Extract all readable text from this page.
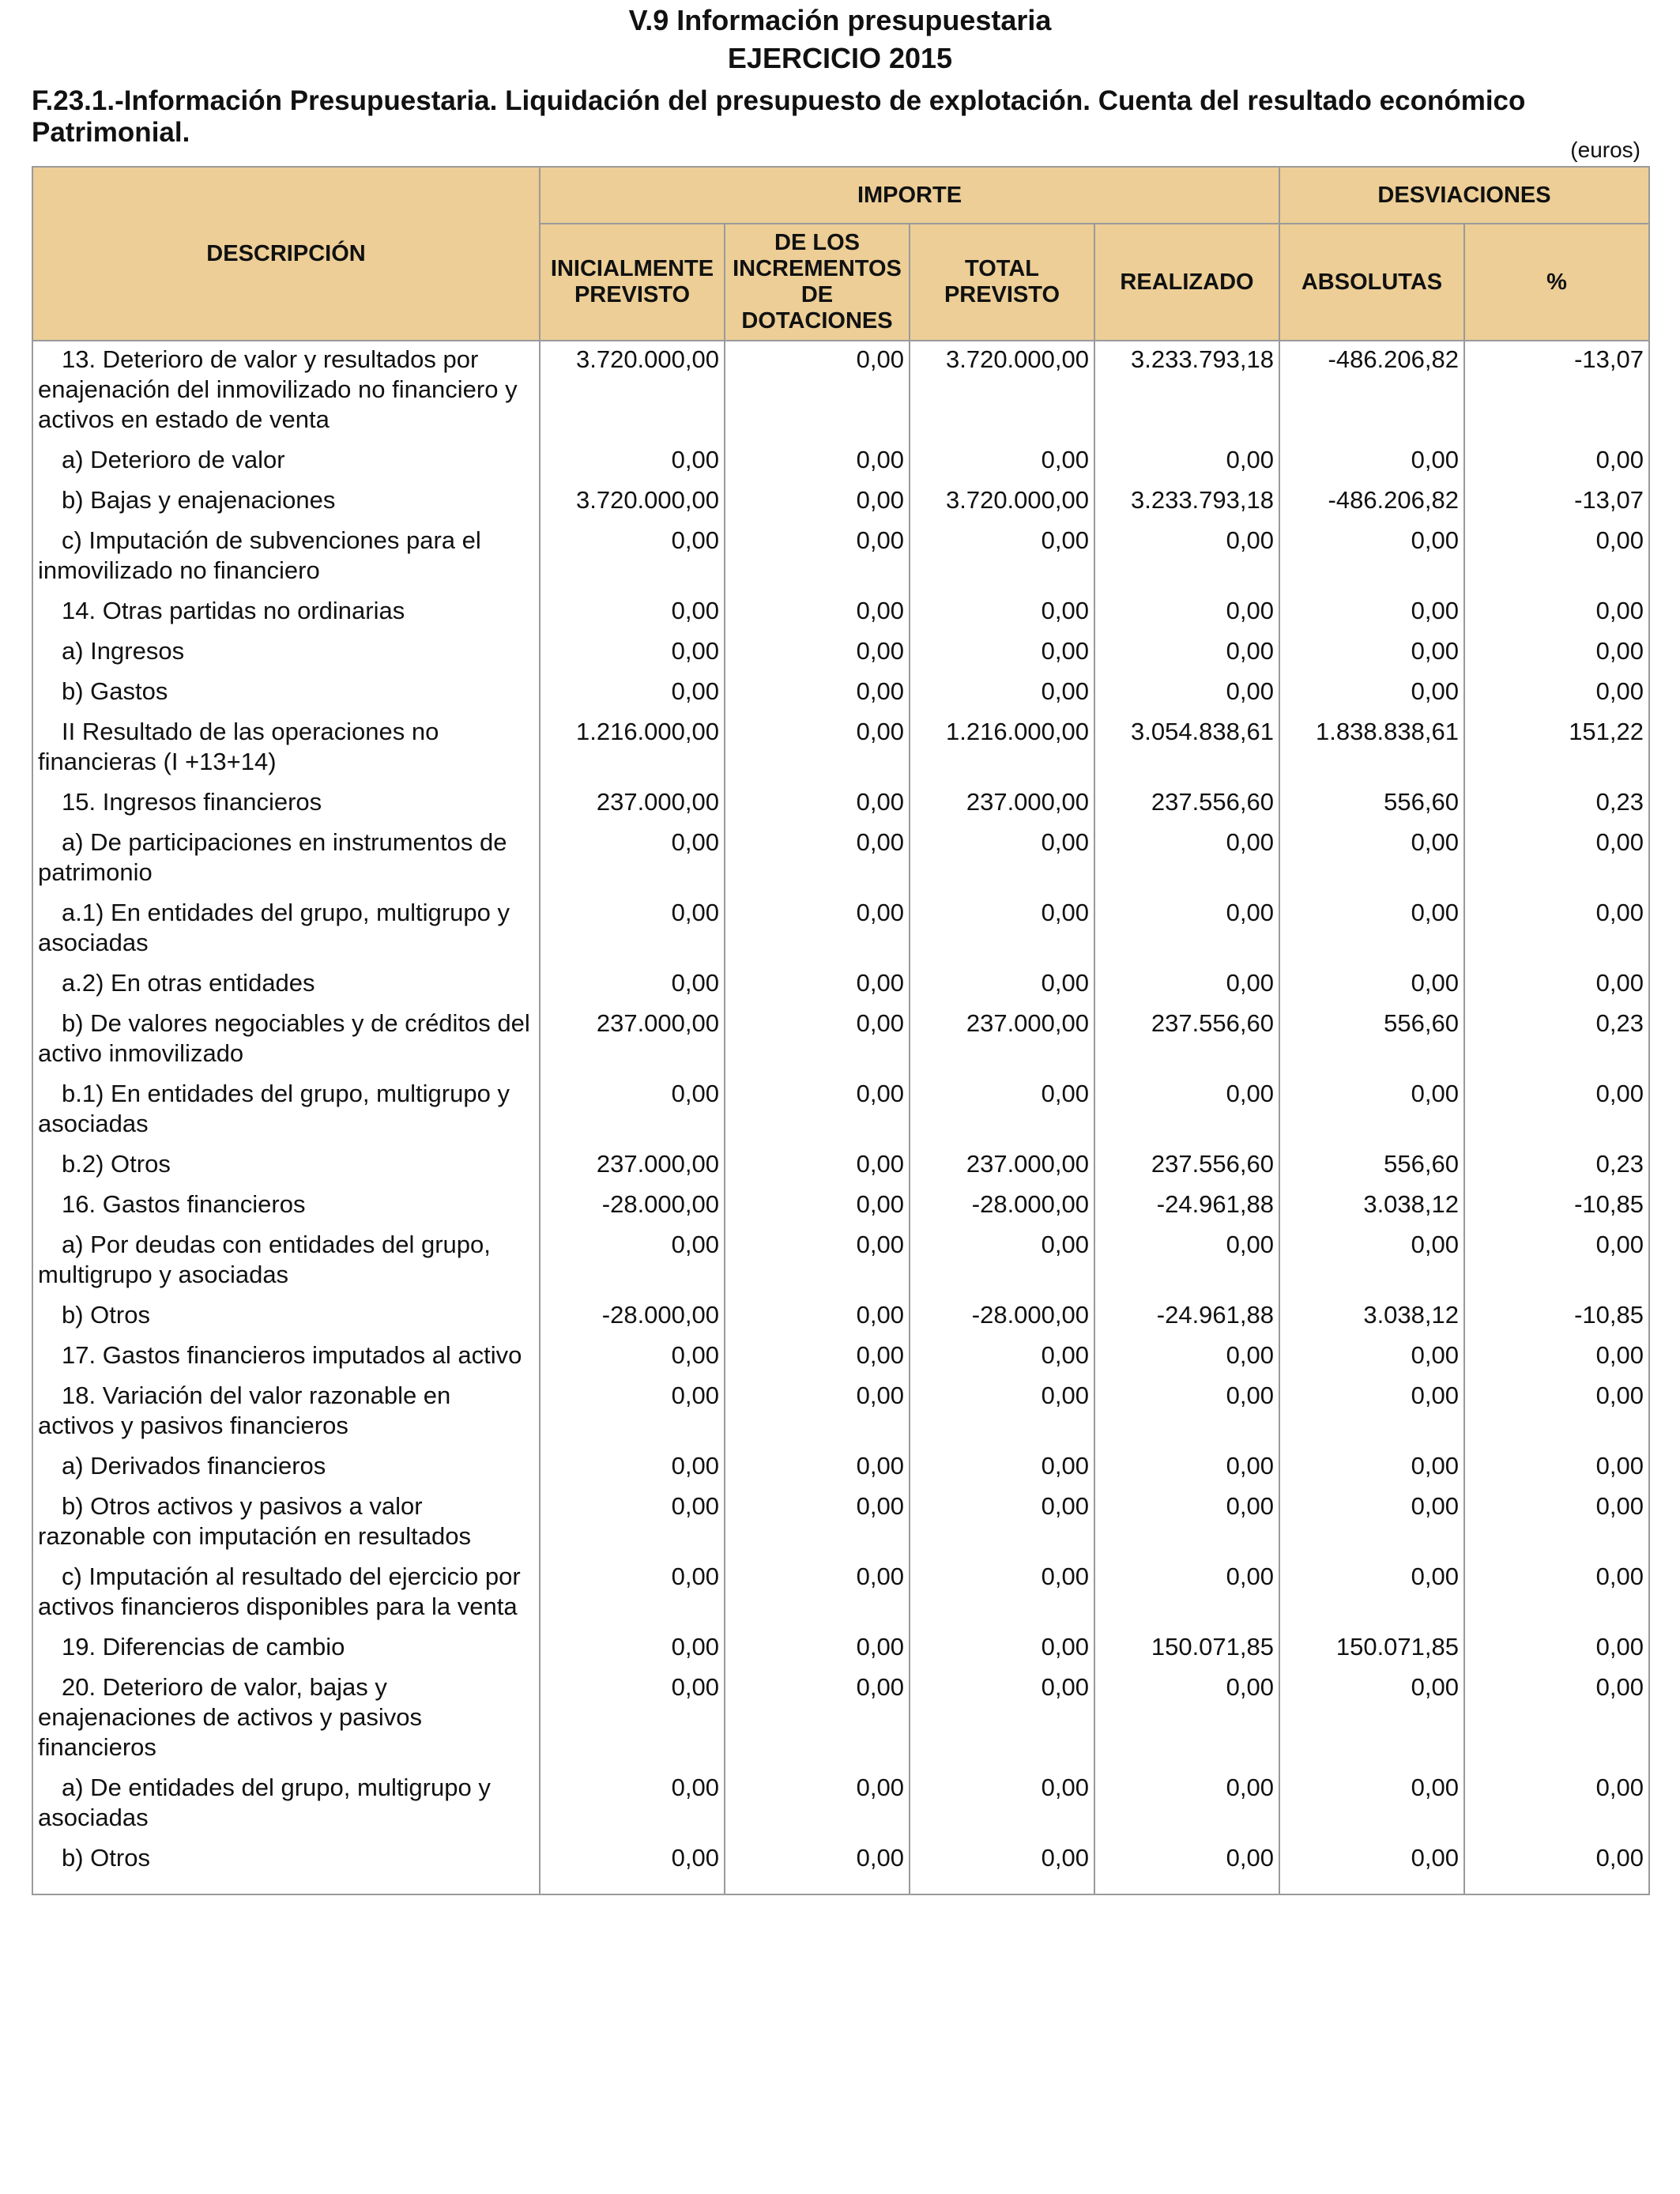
V.9 Información presupuestaria
EJERCICIO 2015
F.23.1.-Información Presupuestaria. Liquidación del presupuesto de explotación. Cuenta del resultado económico Patrimonial.
(euros)
DESCRIPCIÓN	IMPORTE				DESVIACIONES	
	INICIALMENTE PREVISTO	DE LOS INCREMENTOS DE DOTACIONES	TOTAL PREVISTO	REALIZADO	ABSOLUTAS	%
13. Deterioro de valor y resultados por enajenación del inmovilizado no financiero y activos en estado de venta	3.720.000,00	0,00	3.720.000,00	3.233.793,18	-486.206,82	-13,07
a) Deterioro de valor	0,00	0,00	0,00	0,00	0,00	0,00
b) Bajas y enajenaciones	3.720.000,00	0,00	3.720.000,00	3.233.793,18	-486.206,82	-13,07
c) Imputación de subvenciones para el inmovilizado no financiero	0,00	0,00	0,00	0,00	0,00	0,00
14. Otras partidas no ordinarias	0,00	0,00	0,00	0,00	0,00	0,00
a) Ingresos	0,00	0,00	0,00	0,00	0,00	0,00
b) Gastos	0,00	0,00	0,00	0,00	0,00	0,00
II Resultado de las operaciones no financieras (I +13+14)	1.216.000,00	0,00	1.216.000,00	3.054.838,61	1.838.838,61	151,22
15. Ingresos financieros	237.000,00	0,00	237.000,00	237.556,60	556,60	0,23
a) De participaciones en instrumentos de patrimonio	0,00	0,00	0,00	0,00	0,00	0,00
a.1) En entidades del grupo, multigrupo y asociadas	0,00	0,00	0,00	0,00	0,00	0,00
a.2) En otras entidades	0,00	0,00	0,00	0,00	0,00	0,00
b) De valores negociables y de créditos del activo inmovilizado	237.000,00	0,00	237.000,00	237.556,60	556,60	0,23
b.1) En entidades del grupo, multigrupo y asociadas	0,00	0,00	0,00	0,00	0,00	0,00
b.2) Otros	237.000,00	0,00	237.000,00	237.556,60	556,60	0,23
16. Gastos financieros	-28.000,00	0,00	-28.000,00	-24.961,88	3.038,12	-10,85
a) Por deudas con entidades del grupo, multigrupo y asociadas	0,00	0,00	0,00	0,00	0,00	0,00
b) Otros	-28.000,00	0,00	-28.000,00	-24.961,88	3.038,12	-10,85
17. Gastos financieros imputados al activo	0,00	0,00	0,00	0,00	0,00	0,00
18. Variación del valor razonable en activos y pasivos financieros	0,00	0,00	0,00	0,00	0,00	0,00
a) Derivados financieros	0,00	0,00	0,00	0,00	0,00	0,00
b) Otros activos y pasivos a valor razonable con imputación en resultados	0,00	0,00	0,00	0,00	0,00	0,00
c) Imputación al resultado del ejercicio por activos financieros disponibles para la venta	0,00	0,00	0,00	0,00	0,00	0,00
19. Diferencias de cambio	0,00	0,00	0,00	150.071,85	150.071,85	0,00
20. Deterioro de valor, bajas y enajenaciones de activos y pasivos financieros	0,00	0,00	0,00	0,00	0,00	0,00
a) De entidades del grupo, multigrupo y asociadas	0,00	0,00	0,00	0,00	0,00	0,00
b) Otros	0,00	0,00	0,00	0,00	0,00	0,00
